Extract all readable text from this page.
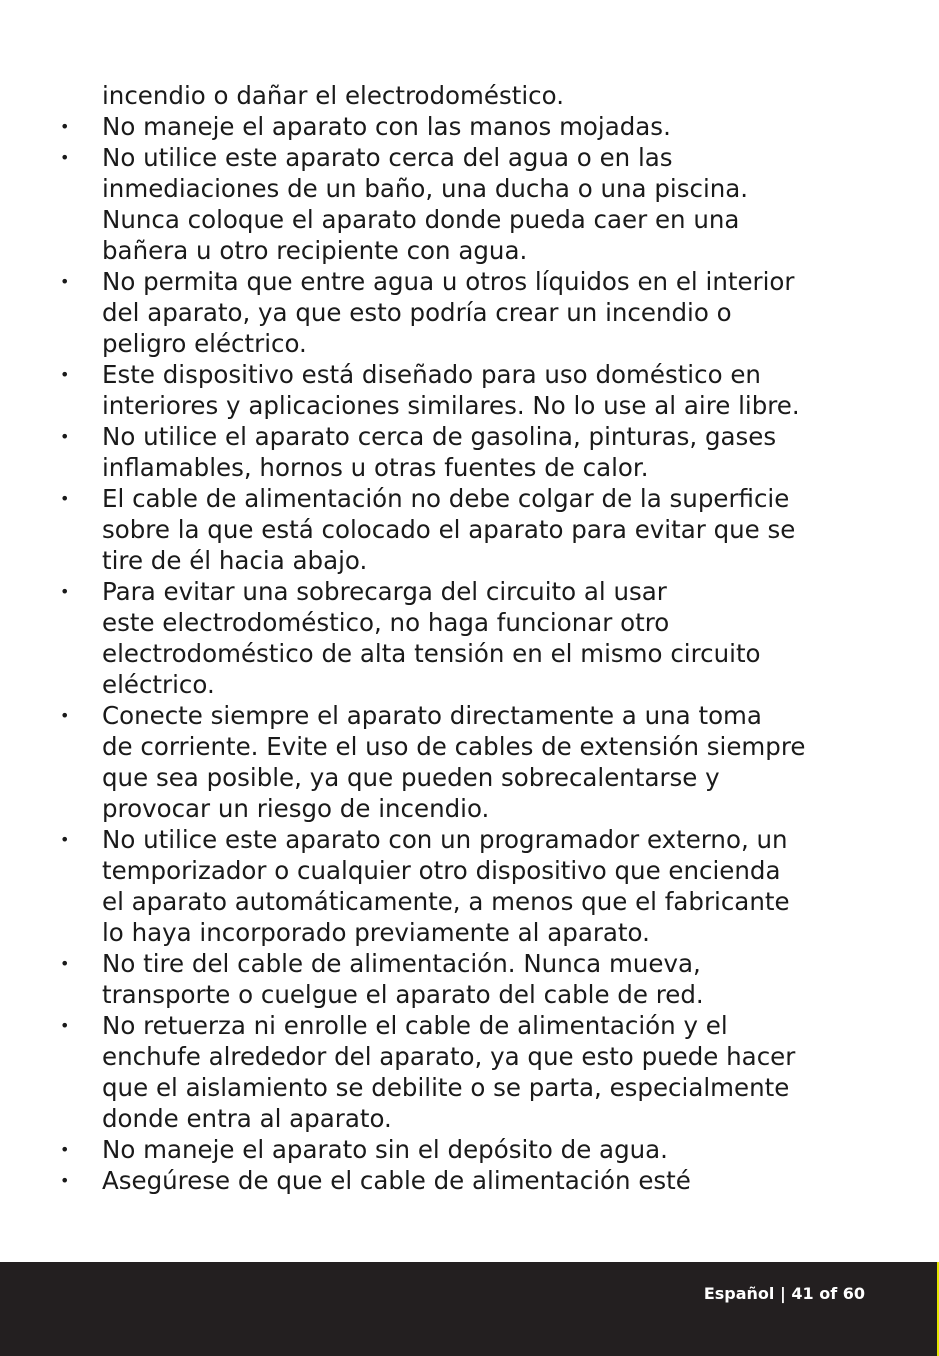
incendio o dañar el electrodoméstico.
• No maneje el aparato con las manos mojadas.
• No utilice este aparato cerca del agua o en las
inmediaciones de un baño, una ducha o una piscina.
Nunca coloque el aparato donde pueda caer en una
bañera u otro recipiente con agua.
• No permita que entre agua u otros líquidos en el interior
del aparato, ya que esto podría crear un incendio o
peligro eléctrico.
• Este dispositivo está diseñado para uso doméstico en
interiores y aplicaciones similares. No lo use al aire libre.
• No utilice el aparato cerca de gasolina, pinturas, gases
inflamables, hornos u otras fuentes de calor.
• El cable de alimentación no debe colgar de la superficie
sobre la que está colocado el aparato para evitar que se
tire de él hacia abajo.
• Para evitar una sobrecarga del circuito al usar
este electrodoméstico, no haga funcionar otro
electrodoméstico de alta tensión en el mismo circuito
eléctrico.
• Conecte siempre el aparato directamente a una toma
de corriente. Evite el uso de cables de extensión siempre
que sea posible, ya que pueden sobrecalentarse y
provocar un riesgo de incendio.
• No utilice este aparato con un programador externo, un
temporizador o cualquier otro dispositivo que encienda
el aparato automáticamente, a menos que el fabricante
lo haya incorporado previamente al aparato.
• No tire del cable de alimentación. Nunca mueva,
transporte o cuelgue el aparato del cable de red.
• No retuerza ni enrolle el cable de alimentación y el
enchufe alrededor del aparato, ya que esto puede hacer
que el aislamiento se debilite o se parta, especialmente
donde entra al aparato.
• No maneje el aparato sin el depósito de agua.
• Asegúrese de que el cable de alimentación esté
Español | 41 of 60
